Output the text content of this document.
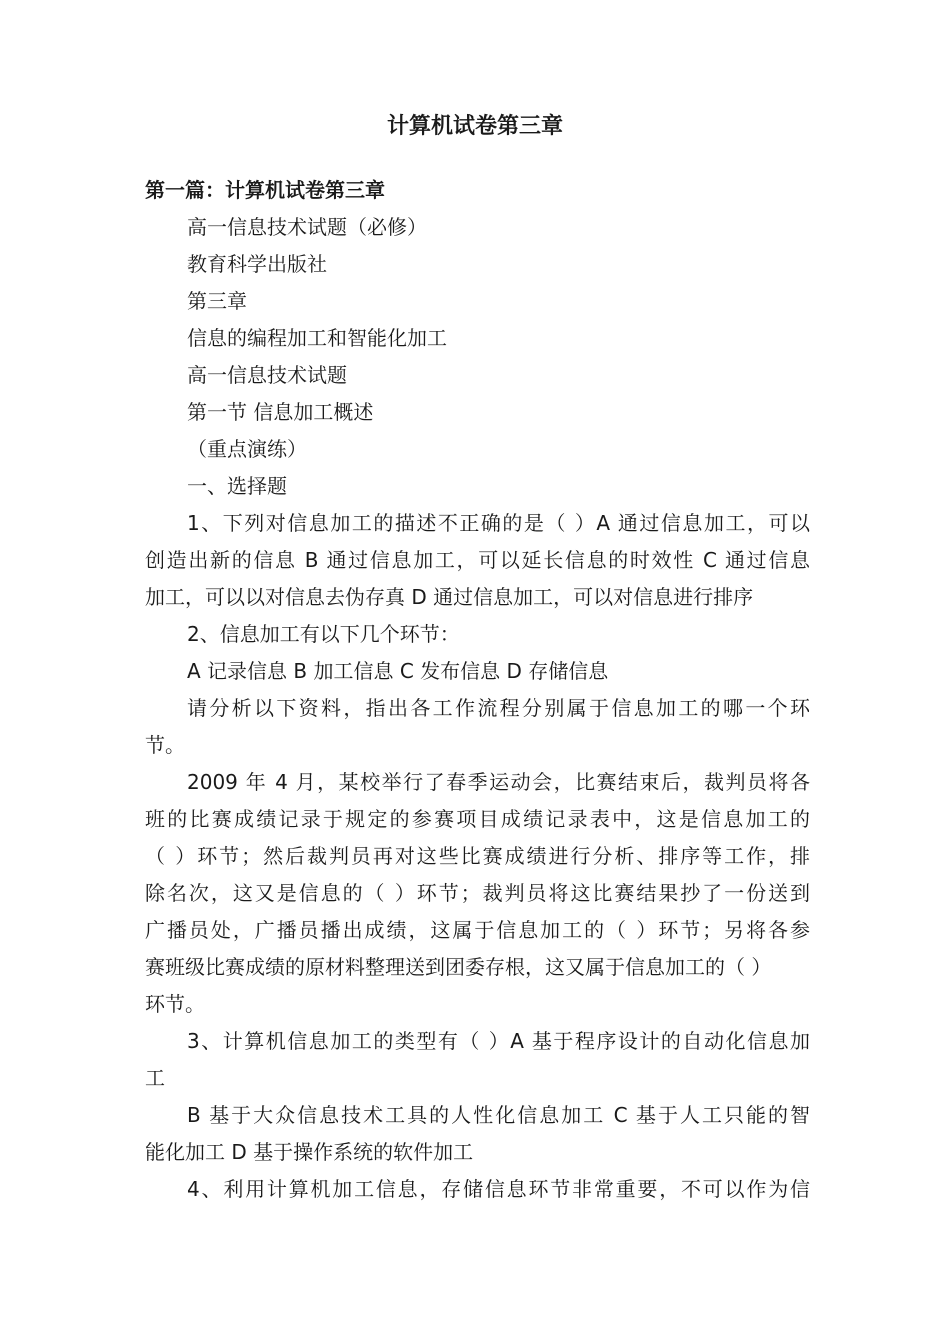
计算机试卷第三章
第一篇：计算机试卷第三章
高一信息技术试题（必修）
教育科学出版社
第三章
信息的编程加工和智能化加工
高一信息技术试题
第一节 信息加工概述
（重点演练）
一、选择题
1、下列对信息加工的描述不正确的是（ ）A 通过信息加工，可以
创造出新的信息 B 通过信息加工，可以延长信息的时效性 C 通过信息
加工，可以以对信息去伪存真 D 通过信息加工，可以对信息进行排序
2、信息加工有以下几个环节：
A 记录信息 B 加工信息 C 发布信息 D 存储信息
请分析以下资料，指出各工作流程分别属于信息加工的哪一个环
节。
2009 年 4 月，某校举行了春季运动会，比赛结束后，裁判员将各
班的比赛成绩记录于规定的参赛项目成绩记录表中，这是信息加工的
（ ）环节；然后裁判员再对这些比赛成绩进行分析、排序等工作，排
除名次，这又是信息的（ ）环节；裁判员将这比赛结果抄了一份送到
广播员处，广播员播出成绩，这属于信息加工的（ ）环节；另将各参
赛班级比赛成绩的原材料整理送到团委存根，这又属于信息加工的（ ）
环节。
3、计算机信息加工的类型有（ ）A 基于程序设计的自动化信息加
工
B 基于大众信息技术工具的人性化信息加工 C 基于人工只能的智
能化加工 D 基于操作系统的软件加工
4、利用计算机加工信息，存储信息环节非常重要，不可以作为信
